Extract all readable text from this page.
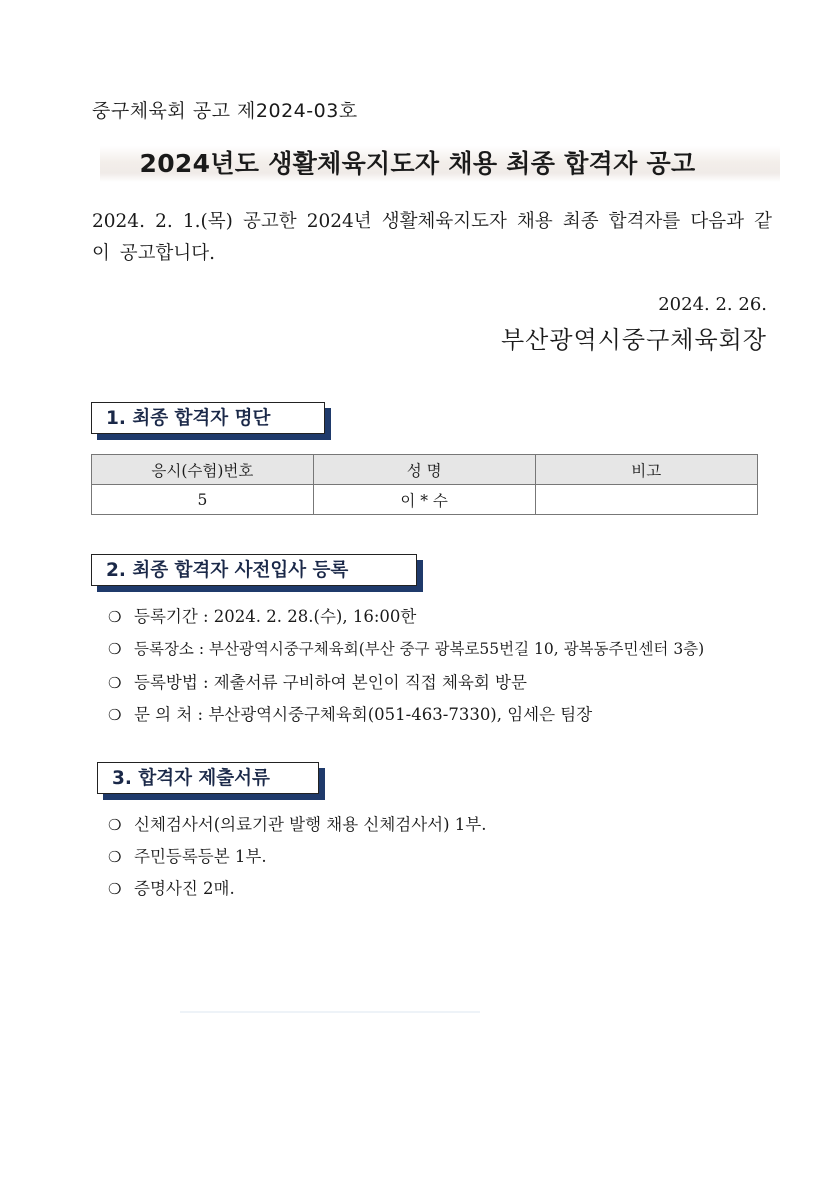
중구체육회 공고 제2024-03호
2024년도 생활체육지도자 채용 최종 합격자 공고
2024. 2. 1.(목) 공고한 2024년 생활체육지도자 채용 최종 합격자를 다음과 같이 공고합니다.
2024. 2. 26.
부산광역시중구체육회장
1. 최종 합격자 명단
응시(수험)번호	성 명	비고
5	이 * 수	
2. 최종 합격자 사전입사 등록
❍ 등록기간 : 2024. 2. 28.(수), 16:00한
❍ 등록장소 : 부산광역시중구체육회(부산 중구 광복로55번길 10, 광복동주민센터 3층)
❍ 등록방법 : 제출서류 구비하여 본인이 직접 체육회 방문
❍ 문 의 처 : 부산광역시중구체육회(051-463-7330), 임세은 팀장
3. 합격자 제출서류
❍ 신체검사서(의료기관 발행 채용 신체검사서) 1부.
❍ 주민등록등본 1부.
❍ 증명사진 2매.
